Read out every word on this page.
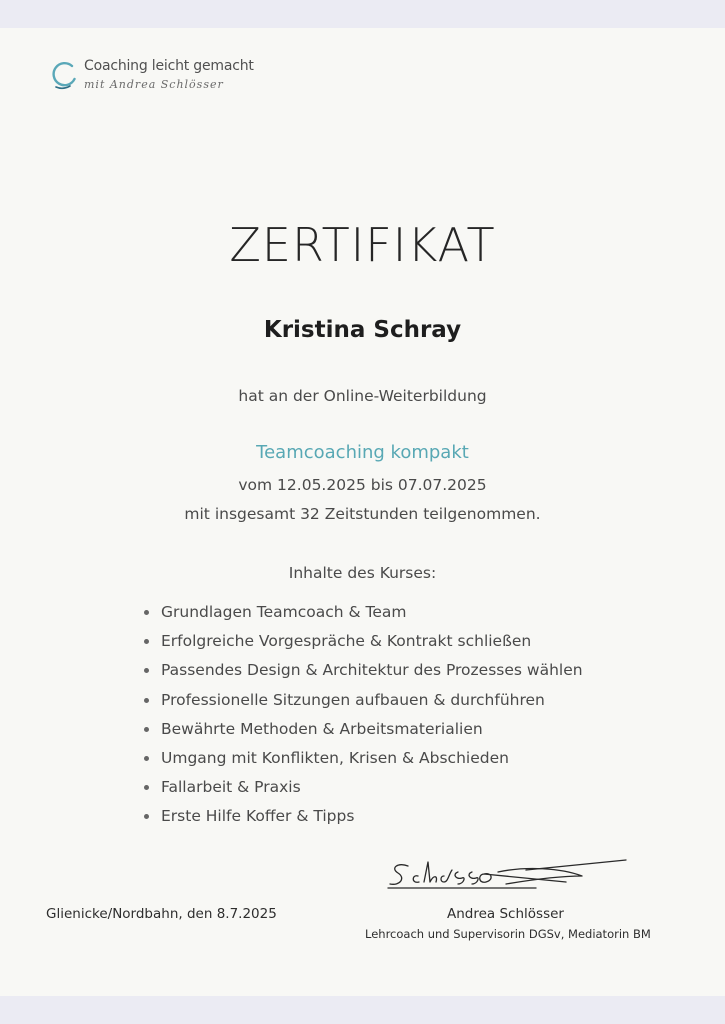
Coaching leicht gemacht
mit Andrea Schlösser
ZERTIFIKAT
Kristina Schray
hat an der Online-Weiterbildung
Teamcoaching kompakt
vom 12.05.2025 bis 07.07.2025
mit insgesamt 32 Zeitstunden teilgenommen.
Inhalte des Kurses:
Grundlagen Teamcoach & Team
Erfolgreiche Vorgespräche & Kontrakt schließen
Passendes Design & Architektur des Prozesses wählen
Professionelle Sitzungen aufbauen & durchführen
Bewährte Methoden & Arbeitsmaterialien
Umgang mit Konflikten, Krisen & Abschieden
Fallarbeit & Praxis
Erste Hilfe Koffer & Tipps
Glienicke/Nordbahn, den 8.7.2025	Andrea Schlösser
Lehrcoach und Supervisorin DGSv, Mediatorin BM
